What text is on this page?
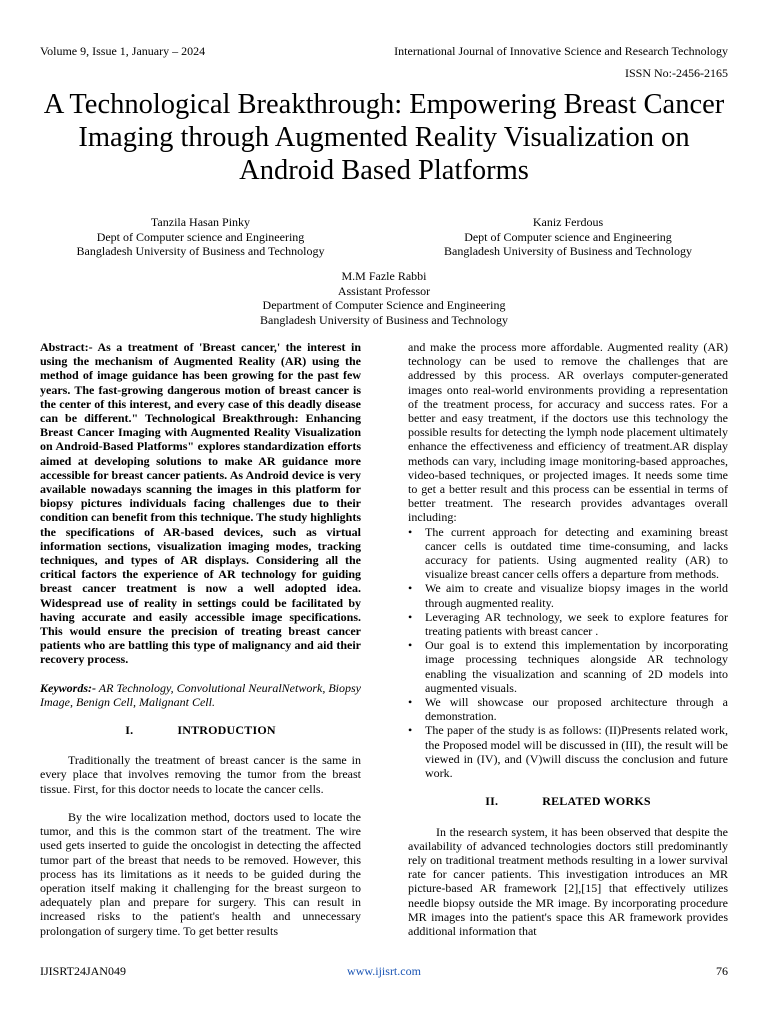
Volume 9, Issue 1, January – 2024	International Journal of Innovative Science and Research Technology
ISSN No:-2456-2165
A Technological Breakthrough: Empowering Breast Cancer Imaging through Augmented Reality Visualization on Android Based Platforms
Tanzila Hasan Pinky
Dept of Computer science and Engineering
Bangladesh University of Business and Technology
Kaniz Ferdous
Dept of Computer science and Engineering
Bangladesh University of Business and Technology
M.M Fazle Rabbi
Assistant Professor
Department of Computer Science and Engineering
Bangladesh University of Business and Technology

Abstract:- As a treatment of 'Breast cancer,' the interest in using the mechanism of Augmented Reality (AR) using the method of image guidance has been growing for the past few years. The fast-growing dangerous motion of breast cancer is the center of this interest, and every case of this deadly disease can be different." Technological Breakthrough: Enhancing Breast Cancer Imaging with Augmented Reality Visualization on Android-Based Platforms" explores standardization efforts aimed at developing solutions to make AR guidance more accessible for breast cancer patients. As Android device is very available nowadays scanning the images in this platform for biopsy pictures individuals facing challenges due to their condition can benefit from this technique. The study highlights the specifications of AR-based devices, such as virtual information sections, visualization imaging modes, tracking techniques, and types of AR displays. Considering all the critical factors the experience of AR technology for guiding breast cancer treatment is now a well adopted idea. Widespread use of reality in settings could be facilitated by having accurate and easily accessible image specifications. This would ensure the precision of treating breast cancer patients who are battling this type of malignancy and aid their recovery process.

Keywords:- AR Technology, Convolutional NeuralNetwork, Biopsy Image, Benign Cell, Malignant Cell.

I.	INTRODUCTION

Traditionally the treatment of breast cancer is the same in every place that involves removing the tumor from the breast tissue. First, for this doctor needs to locate the cancer cells.

By the wire localization method, doctors used to locate the tumor, and this is the common start of the treatment. The wire used gets inserted to guide the oncologist in detecting the affected tumor part of the breast that needs to be removed. However, this process has its limitations as it needs to be guided during the operation itself making it challenging for the breast surgeon to adequately plan and prepare for surgery. This can result in increased risks to the patient's health and unnecessary prolongation of surgery time. To get better results

and make the process more affordable. Augmented reality (AR) technology can be used to remove the challenges that are addressed by this process. AR overlays computer-generated images onto real-world environments providing a representation of the treatment process, for accuracy and success rates. For a better and easy treatment, if the doctors use this technology the possible results for detecting the lymph node placement ultimately enhance the effectiveness and efficiency of treatment.AR display methods can vary, including image monitoring-based approaches, video-based techniques, or projected images. It needs some time to get a better result and this process can be essential in terms of better treatment. The research provides advantages overall including:

• The current approach for detecting and examining breast cancer cells is outdated time time-consuming, and lacks accuracy for patients. Using augmented reality (AR) to visualize breast cancer cells offers a departure from methods.
• We aim to create and visualize biopsy images in the world through augmented reality.
• Leveraging AR technology, we seek to explore features for treating patients with breast cancer .
• Our goal is to extend this implementation by incorporating image processing techniques alongside AR technology enabling the visualization and scanning of 2D models into augmented visuals.
• We will showcase our proposed architecture through a demonstration.
• The paper of the study is as follows: (II)Presents related work, the Proposed model will be discussed in (III), the result will be viewed in (IV), and (V)will discuss the conclusion and future work.
II.	RELATED WORKS

In the research system, it has been observed that despite the availability of advanced technologies doctors still predominantly rely on traditional treatment methods resulting in a lower survival rate for cancer patients. This investigation introduces an MR picture-based AR framework [2],[15] that effectively utilizes needle biopsy outside the MR image. By incorporating procedure MR images into the patient's space this AR framework provides additional information that

IJISRT24JAN049	www.ijisrt.com	76
